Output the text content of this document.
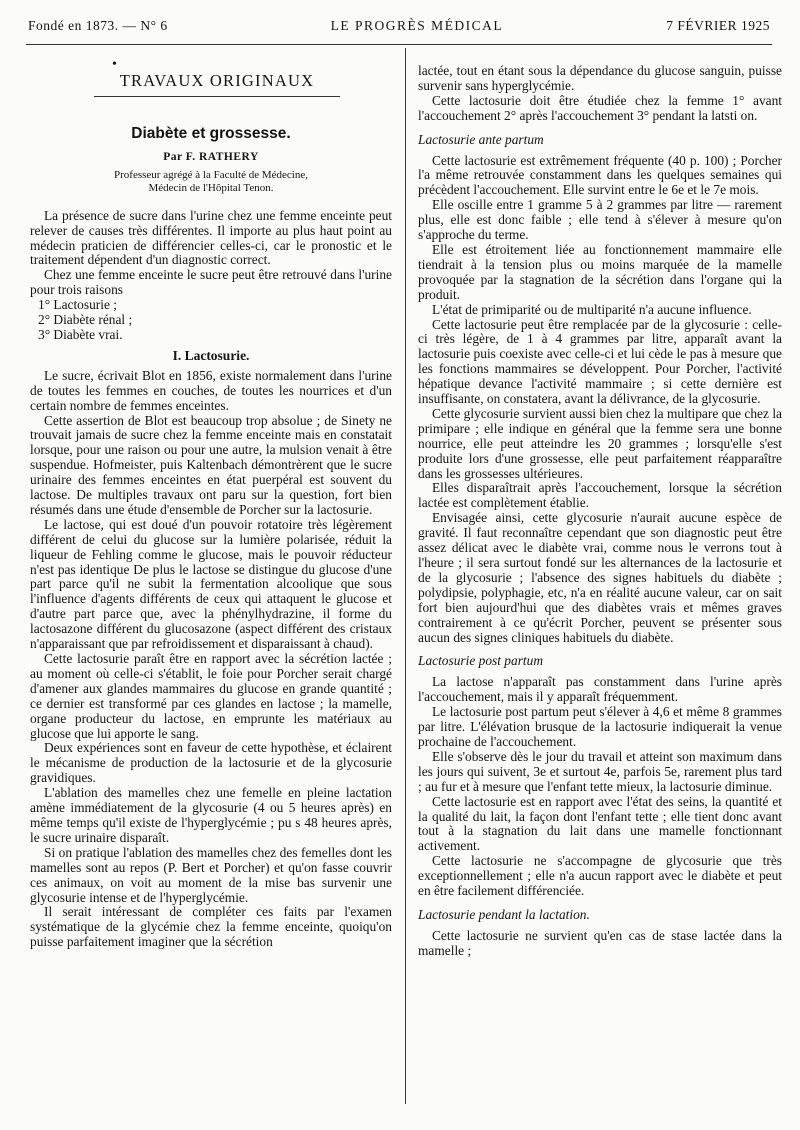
Fondé en 1873. — N° 6	LE PROGRÈS MÉDICAL	7 FÉVRIER 1925
•
TRAVAUX ORIGINAUX
Diabète et grossesse.
Par F. RATHERY
Professeur agrégé à la Faculté de Médecine,
Médecin de l'Hôpital Tenon.

La présence de sucre dans l'urine chez une femme enceinte peut relever de causes très différentes. Il importe au plus haut point au médecin praticien de différencier celles-ci, car le pronostic et le traitement dépendent d'un diagnostic correct.

Chez une femme enceinte le sucre peut être retrouvé dans l'urine pour trois raisons

1° Lactosurie ;

2° Diabète rénal ;

3° Diabète vrai.

I. Lactosurie.

Le sucre, écrivait Blot en 1856, existe normalement dans l'urine de toutes les femmes en couches, de toutes les nourrices et d'un certain nombre de femmes enceintes.

Cette assertion de Blot est beaucoup trop absolue ; de Sinety ne trouvait jamais de sucre chez la femme enceinte mais en constatait lorsque, pour une raison ou pour une autre, la mulsion venait à être suspendue. Hofmeister, puis Kaltenbach démontrèrent que le sucre urinaire des femmes enceintes en état puerpéral est souvent du lactose. De multiples travaux ont paru sur la question, fort bien résumés dans une étude d'ensemble de Porcher sur la lactosurie.

Le lactose, qui est doué d'un pouvoir rotatoire très légèrement différent de celui du glucose sur la lumière polarisée, réduit la liqueur de Fehling comme le glucose, mais le pouvoir réducteur n'est pas identique De plus le lactose se distingue du glucose d'une part parce qu'il ne subit la fermentation alcoolique que sous l'influence d'agents différents de ceux qui attaquent le glucose et d'autre part parce que, avec la phénylhydrazine, il forme du lactosazone différent du glucosazone (aspect différent des cristaux n'apparaissant que par refroidissement et disparaissant à chaud).

Cette lactosurie paraît être en rapport avec la sécrétion lactée ; au moment où celle-ci s'établit, le foie pour Porcher serait chargé d'amener aux glandes mammaires du glucose en grande quantité ; ce dernier est transformé par ces glandes en lactose ; la mamelle, organe producteur du lactose, en emprunte les matériaux au glucose que lui apporte le sang.

Deux expériences sont en faveur de cette hypothèse, et éclairent le mécanisme de production de la lactosurie et de la glycosurie gravidiques.

L'ablation des mamelles chez une femelle en pleine lactation amène immédiatement de la glycosurie (4 ou 5 heures après) en même temps qu'il existe de l'hyperglycémie ; pu s 48 heures après, le sucre urinaire disparaît.

Si on pratique l'ablation des mamelles chez des femelles dont les mamelles sont au repos (P. Bert et Porcher) et qu'on fasse couvrir ces animaux, on voit au moment de la mise bas survenir une glycosurie intense et de l'hyperglycémie.

Il serait intéressant de compléter ces faits par l'examen systématique de la glycémie chez la femme enceinte, quoiqu'on puisse parfaitement imaginer que la sécrétion

lactée, tout en étant sous la dépendance du glucose sanguin, puisse survenir sans hyperglycémie.

Cette lactosurie doit être étudiée chez la femme 1° avant l'accouchement 2° après l'accouchement 3° pendant la latsti on.

Lactosurie ante partum

Cette lactosurie est extrêmement fréquente (40 p. 100) ; Porcher l'a même retrouvée constamment dans les quelques semaines qui précèdent l'accouchement. Elle survint entre le 6e et le 7e mois.

Elle oscille entre 1 gramme 5 à 2 grammes par litre — rarement plus, elle est donc faible ; elle tend à s'élever à mesure qu'on s'approche du terme.

Elle est étroitement liée au fonctionnement mammaire elle tiendrait à la tension plus ou moins marquée de la mamelle provoquée par la stagnation de la sécrétion dans l'organe qui la produit.

L'état de primiparité ou de multiparité n'a aucune influence.

Cette lactosurie peut être remplacée par de la glycosurie : celle-ci très légère, de 1 à 4 grammes par litre, apparaît avant la lactosurie puis coexiste avec celle-ci et lui cède le pas à mesure que les fonctions mammaires se développent. Pour Porcher, l'activité hépatique devance l'activité mammaire ; si cette dernière est insuffisante, on constatera, avant la délivrance, de la glycosurie.

Cette glycosurie survient aussi bien chez la multipare que chez la primipare ; elle indique en général que la femme sera une bonne nourrice, elle peut atteindre les 20 grammes ; lorsqu'elle s'est produite lors d'une grossesse, elle peut parfaitement réapparaître dans les grossesses ultérieures.

Elles disparaîtrait après l'accouchement, lorsque la sécrétion lactée est complètement établie.

Envisagée ainsi, cette glycosurie n'aurait aucune espèce de gravité. Il faut reconnaître cependant que son diagnostic peut être assez délicat avec le diabète vrai, comme nous le verrons tout à l'heure ; il sera surtout fondé sur les alternances de la lactosurie et de la glycosurie ; l'absence des signes habituels du diabète ; polydipsie, polyphagie, etc, n'a en réalité aucune valeur, car on sait fort bien aujourd'hui que des diabètes vrais et mêmes graves contrairement à ce qu'écrit Porcher, peuvent se présenter sous aucun des signes cliniques habituels du diabète.

Lactosurie post partum

La lactose n'apparaît pas constamment dans l'urine après l'accouchement, mais il y apparaît fréquemment.

Le lactosurie post partum peut s'élever à 4,6 et même 8 grammes par litre. L'élévation brusque de la lactosurie indiquerait la venue prochaine de l'accouchement.

Elle s'observe dès le jour du travail et atteint son maximum dans les jours qui suivent, 3e et surtout 4e, parfois 5e, rarement plus tard ; au fur et à mesure que l'enfant tette mieux, la lactosurie diminue.

Cette lactosurie est en rapport avec l'état des seins, la quantité et la qualité du lait, la façon dont l'enfant tette ; elle tient donc avant tout à la stagnation du lait dans une mamelle fonctionnant activement.

Cette lactosurie ne s'accompagne de glycosurie que très exceptionnellement ; elle n'a aucun rapport avec le diabète et peut en être facilement différenciée.

Lactosurie pendant la lactation.

Cette lactosurie ne survient qu'en cas de stase lactée dans la mamelle ;
